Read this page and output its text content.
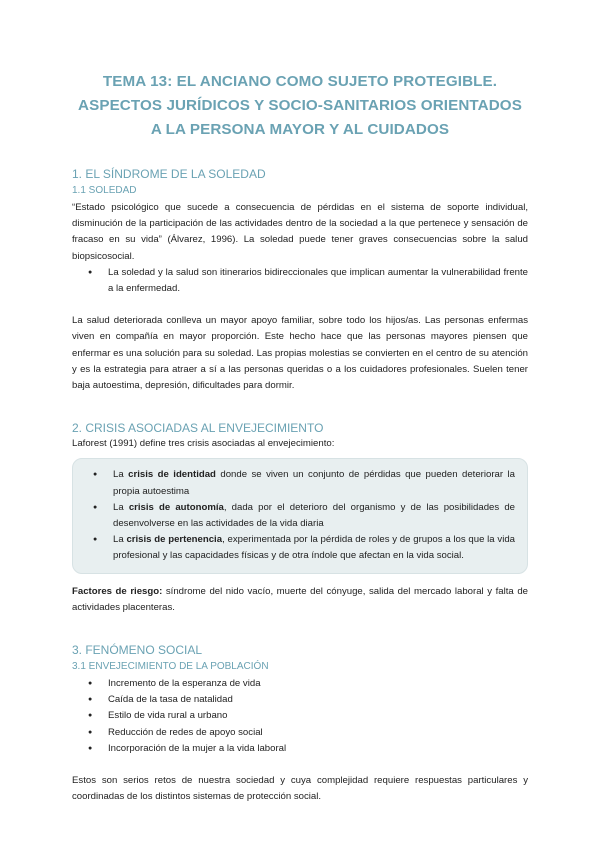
TEMA 13: EL ANCIANO COMO SUJETO PROTEGIBLE. ASPECTOS JURÍDICOS Y SOCIO-SANITARIOS ORIENTADOS A LA PERSONA MAYOR Y AL CUIDADOS
1. EL SÍNDROME DE LA SOLEDAD
1.1 SOLEDAD

“Estado psicológico que sucede a consecuencia de pérdidas en el sistema de soporte individual, disminución de la participación de las actividades dentro de la sociedad a la que pertenece y sensación de fracaso en su vida” (Álvarez, 1996). La soledad puede tener graves consecuencias sobre la salud biopsicosocial.

● La soledad y la salud son itinerarios bidireccionales que implican aumentar la vulnerabilidad frente a la enfermedad.

La salud deteriorada conlleva un mayor apoyo familiar, sobre todo los hijos/as. Las personas enfermas viven en compañía en mayor proporción. Este hecho hace que las personas mayores piensen que enfermar es una solución para su soledad. Las propias molestias se convierten en el centro de su atención y es la estrategia para atraer a sí a las personas queridas o a los cuidadores profesionales. Suelen tener baja autoestima, depresión, dificultades para dormir.

2. CRISIS ASOCIADAS AL ENVEJECIMIENTO

Laforest (1991) define tres crisis asociadas al envejecimiento:

● La crisis de identidad donde se viven un conjunto de pérdidas que pueden deteriorar la propia autoestima
● La crisis de autonomía, dada por el deterioro del organismo y de las posibilidades de desenvolverse en las actividades de la vida diaria
● La crisis de pertenencia, experimentada por la pérdida de roles y de grupos a los que la vida profesional y las capacidades físicas y de otra índole que afectan en la vida social.

Factores de riesgo: síndrome del nido vacío, muerte del cónyuge, salida del mercado laboral y falta de actividades placenteras.

3. FENÓMENO SOCIAL
3.1 ENVEJECIMIENTO DE LA POBLACIÓN
● Incremento de la esperanza de vida
● Caída de la tasa de natalidad
● Estilo de vida rural a urbano
● Reducción de redes de apoyo social
● Incorporación de la mujer a la vida laboral

Estos son serios retos de nuestra sociedad y cuya complejidad requiere respuestas particulares y coordinadas de los distintos sistemas de protección social.
